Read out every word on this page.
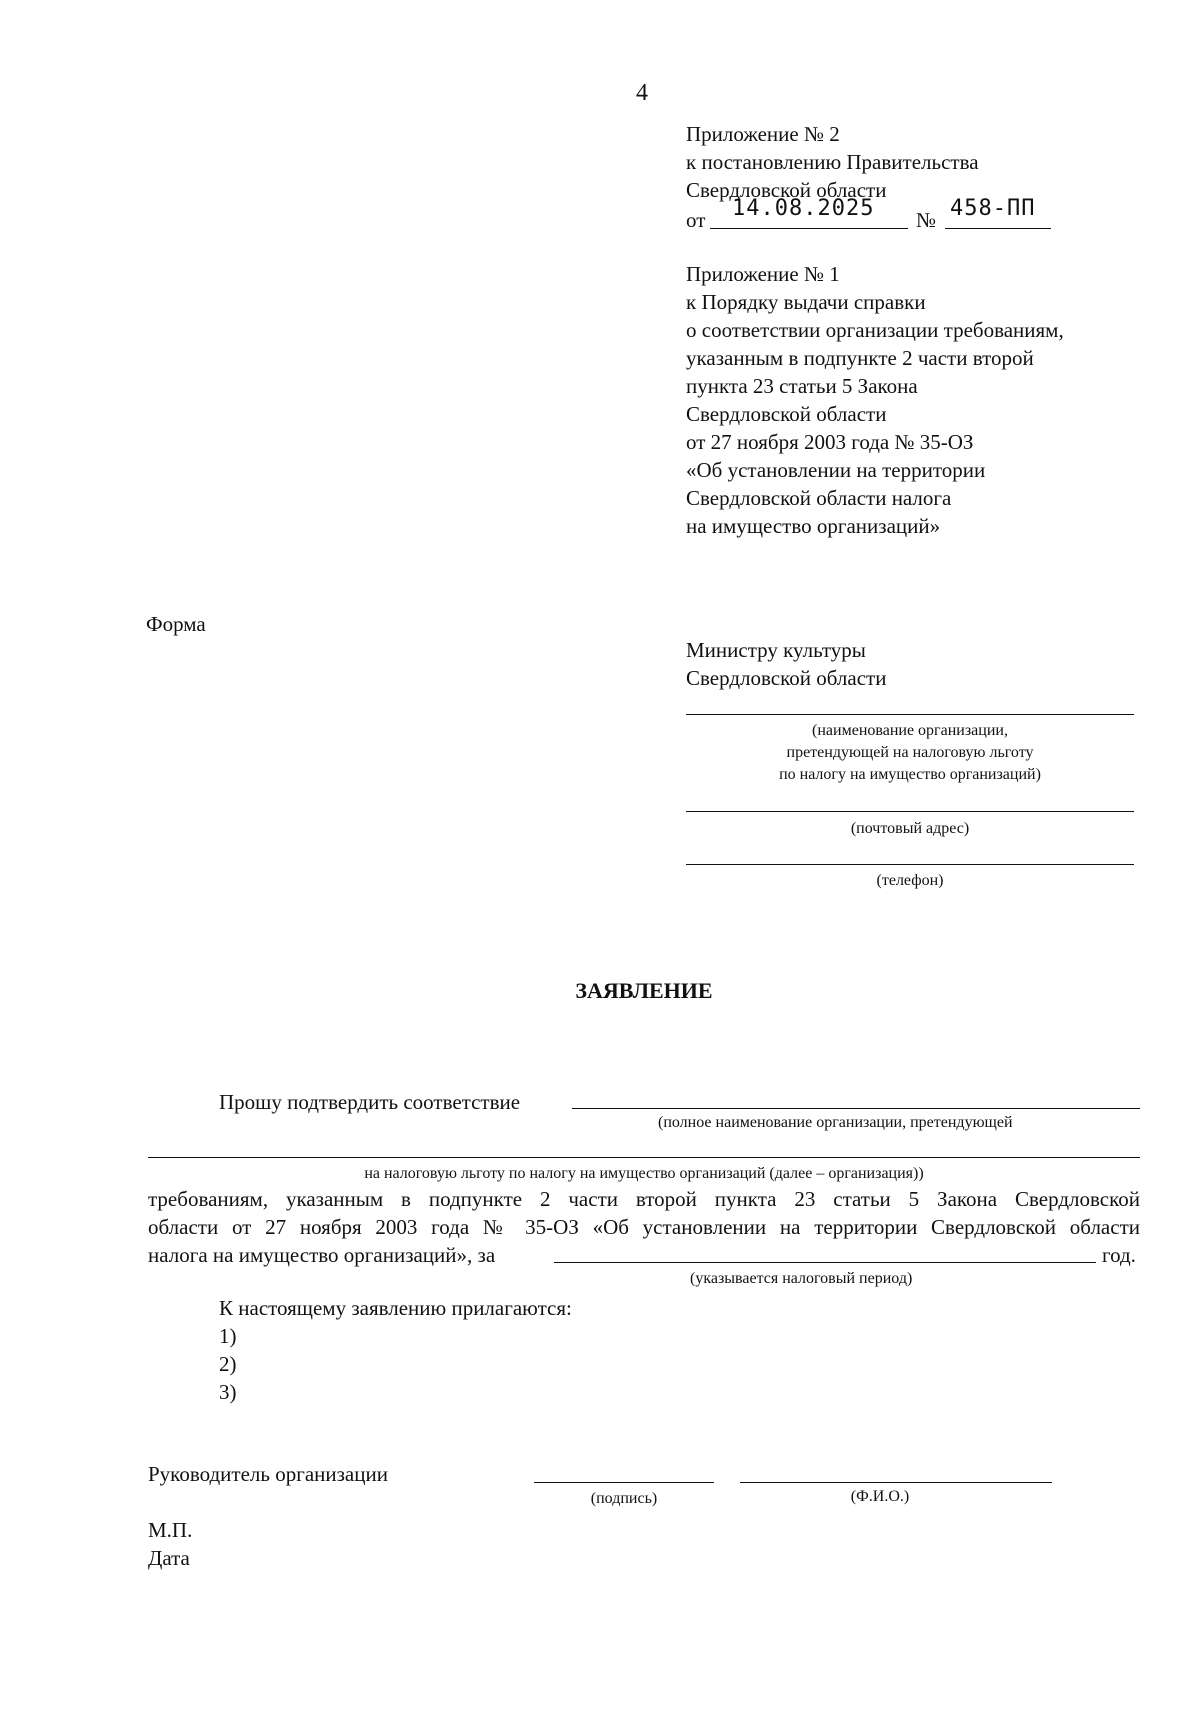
4
Приложение № 2
к постановлению Правительства
Свердловской области
от 14.08.2025 № 458-ПП
Приложение № 1
к Порядку выдачи справки
о соответствии организации требованиям,
указанным в подпункте 2 части второй
пункта 23 статьи 5 Закона
Свердловской области
от 27 ноября 2003 года № 35-ОЗ
«Об установлении на территории
Свердловской области налога
на имущество организаций»
Форма
Министру культуры
Свердловской области
(наименование организации,
претендующей на налоговую льготу
по налогу на имущество организаций)
(почтовый адрес)
(телефон)
ЗАЯВЛЕНИЕ
Прошу подтвердить соответствие
(полное наименование организации, претендующей
на налоговую льготу по налогу на имущество организаций (далее – организация))
требованиям, указанным в подпункте 2 части второй пункта 23 статьи 5 Закона Свердловской
области от 27 ноября 2003 года № 35-ОЗ «Об установлении на территории Свердловской области
налога на имущество организаций», за	год.
(указывается налоговый период)
К настоящему заявлению прилагаются:
1)
2)
3)
Руководитель организации
(подпись)	(Ф.И.О.)
М.П.
Дата
